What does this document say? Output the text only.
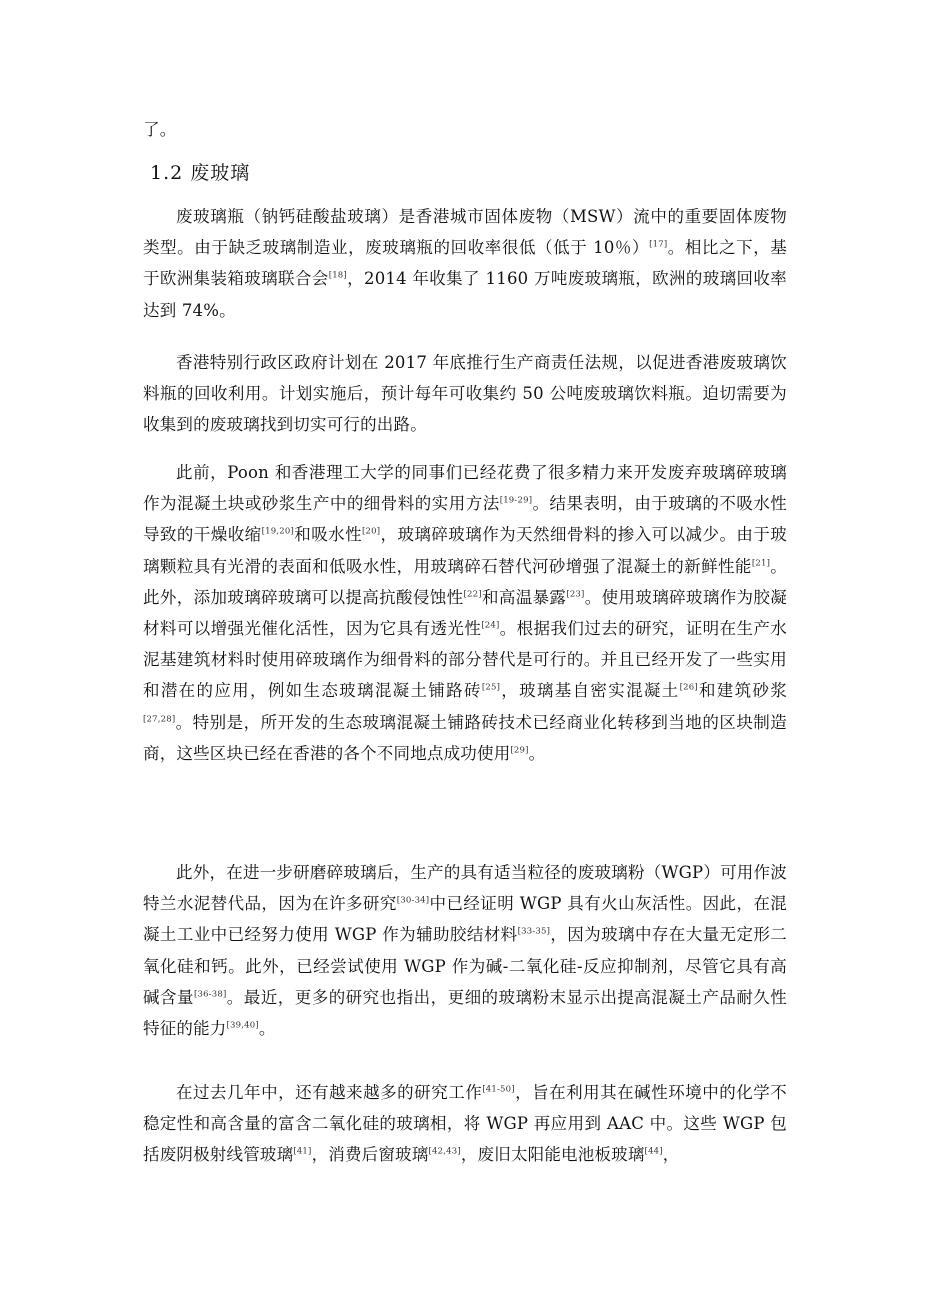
了。

1.2 废玻璃

废玻璃瓶（钠钙硅酸盐玻璃）是香港城市固体废物（MSW）流中的重要固体废物类型。由于缺乏玻璃制造业，废玻璃瓶的回收率很低（低于 10％）[17]。相比之下，基于欧洲集装箱玻璃联合会[18]，2014 年收集了 1160 万吨废玻璃瓶，欧洲的玻璃回收率达到 74%。

香港特别行政区政府计划在 2017 年底推行生产商责任法规，以促进香港废玻璃饮料瓶的回收利用。计划实施后，预计每年可收集约 50 公吨废玻璃饮料瓶。迫切需要为收集到的废玻璃找到切实可行的出路。

此前，Poon 和香港理工大学的同事们已经花费了很多精力来开发废弃玻璃碎玻璃作为混凝土块或砂浆生产中的细骨料的实用方法[19-29]。结果表明，由于玻璃的不吸水性导致的干燥收缩[19,20]和吸水性[20]，玻璃碎玻璃作为天然细骨料的掺入可以减少。由于玻璃颗粒具有光滑的表面和低吸水性，用玻璃碎石替代河砂增强了混凝土的新鲜性能[21]。此外，添加玻璃碎玻璃可以提高抗酸侵蚀性[22]和高温暴露[23]。使用玻璃碎玻璃作为胶凝材料可以增强光催化活性，因为它具有透光性[24]。根据我们过去的研究，证明在生产水泥基建筑材料时使用碎玻璃作为细骨料的部分替代是可行的。并且已经开发了一些实用和潜在的应用，例如生态玻璃混凝土铺路砖[25]，玻璃基自密实混凝土[26]和建筑砂浆[27,28]。特别是，所开发的生态玻璃混凝土铺路砖技术已经商业化转移到当地的区块制造商，这些区块已经在香港的各个不同地点成功使用[29]。

此外，在进一步研磨碎玻璃后，生产的具有适当粒径的废玻璃粉（WGP）可用作波特兰水泥替代品，因为在许多研究[30-34]中已经证明 WGP 具有火山灰活性。因此，在混凝土工业中已经努力使用 WGP 作为辅助胶结材料[33-35]，因为玻璃中存在大量无定形二氧化硅和钙。此外，已经尝试使用 WGP 作为碱-二氧化硅-反应抑制剂，尽管它具有高碱含量[36-38]。最近，更多的研究也指出，更细的玻璃粉末显示出提高混凝土产品耐久性特征的能力[39,40]。

在过去几年中，还有越来越多的研究工作[41-50]，旨在利用其在碱性环境中的化学不稳定性和高含量的富含二氧化硅的玻璃相，将 WGP 再应用到 AAC 中。这些 WGP 包括废阴极射线管玻璃[41]，消费后窗玻璃[42,43]，废旧太阳能电池板玻璃[44]，
